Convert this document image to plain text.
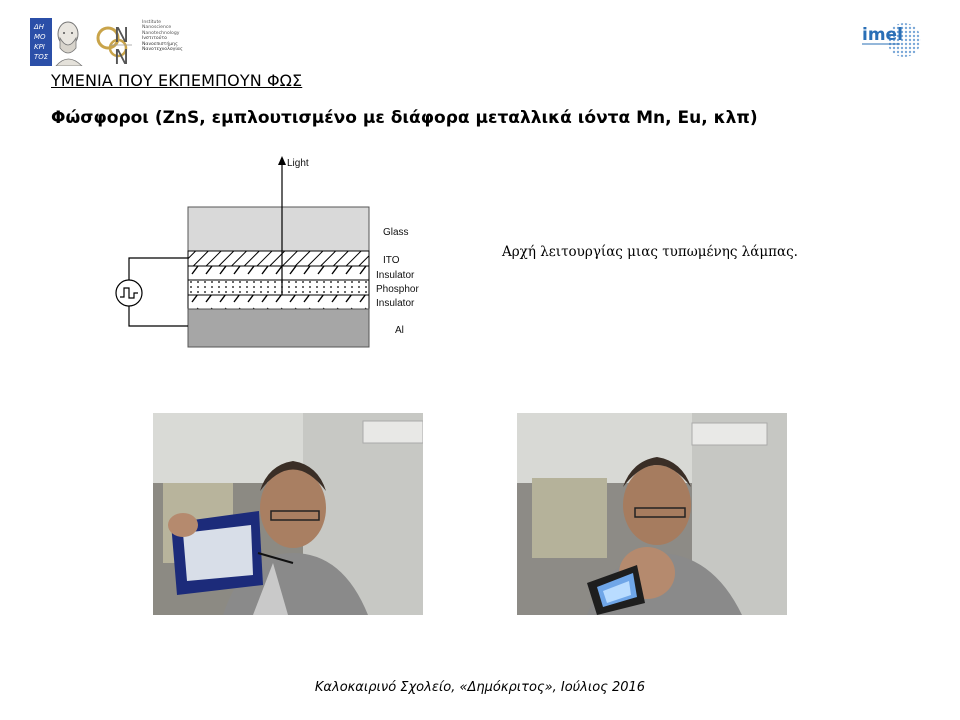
ΔΗ
ΜΟ
ΚΡΙ
ΤΟΣ
N
N
Institute
Nanoscience
Nanotechnology
Ινστιτούτο
Νανοεπιστήμης
Νανοτεχνολογίας
imel
ΥΜΕΝΙΑ ΠΟΥ ΕΚΠΕΜΠΟΥΝ ΦΩΣ
Φώσφοροι (ZnS, εμπλουτισμένο με διάφορα μεταλλικά ιόντα Mn, Eu, κλπ)
Light
Glass
ITO
Insulator
Phosphor
Insulator
Al
Αρχή λειτουργίας μιας τυπωμένης λάμπας.
Καλοκαιρινό Σχολείο, «Δημόκριτος», Ιούλιος 2016
